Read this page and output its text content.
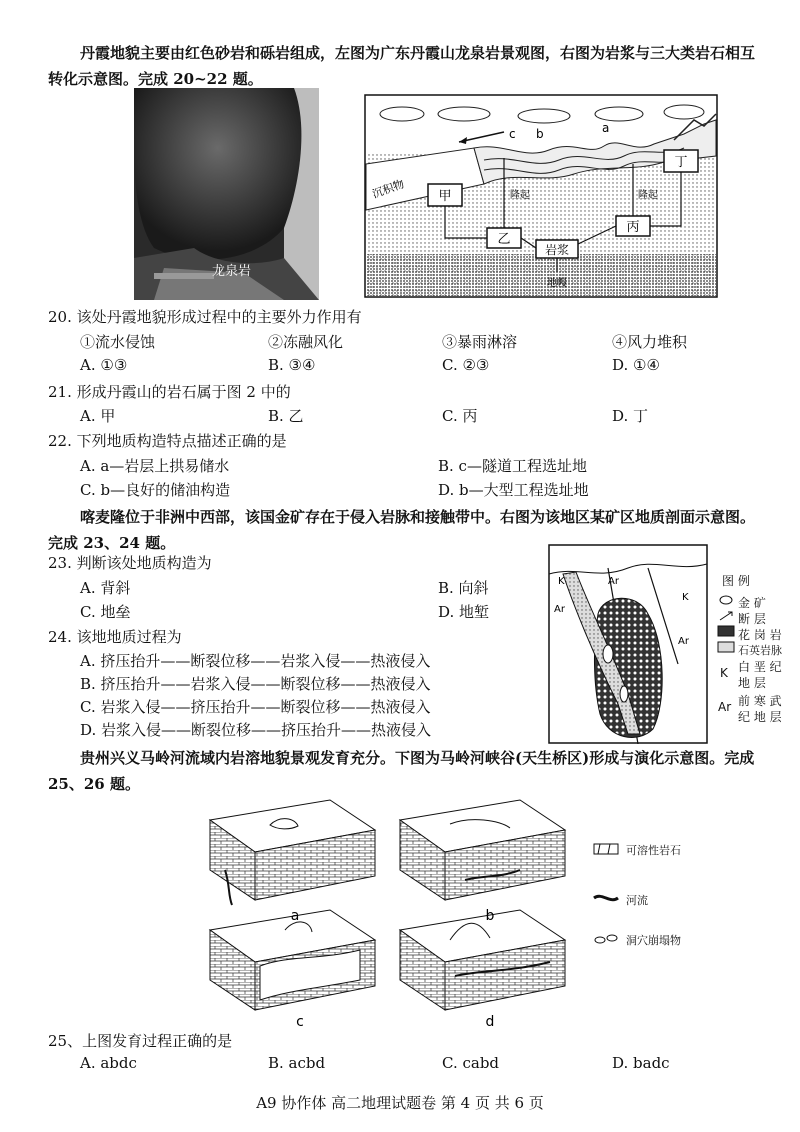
丹霞地貌主要由红色砂岩和砾岩组成，左图为广东丹霞山龙泉岩景观图，右图为岩浆与三大类岩石相互转化示意图。完成 20~22 题。
龙泉岩
c b	a
沉积物 甲
乙
丙
丁
岩浆
隆起	隆起
地幔
20. 该处丹霞地貌形成过程中的主要外力作用有
①流水侵蚀	②冻融风化	③暴雨淋溶	④风力堆积
A. ①③	B. ③④	C. ②③	D. ①④
21. 形成丹霞山的岩石属于图 2 中的
A. 甲	B. 乙	C. 丙	D. 丁
22. 下列地质构造特点描述正确的是
A. a—岩层上拱易储水	B. c—隧道工程选址地
C. b—良好的储油构造	D. b—大型工程选址地
喀麦隆位于非洲中西部，该国金矿存在于侵入岩脉和接触带中。右图为该地区某矿区地质剖面示意图。完成 23、24 题。
23. 判断该处地质构造为
A. 背斜	B. 向斜
C. 地垒	D. 地堑
24. 该地地质过程为
A. 挤压抬升——断裂位移——岩浆入侵——热液侵入
B. 挤压抬升——岩浆入侵——断裂位移——热液侵入
C. 岩浆入侵——挤压抬升——断裂位移——热液侵入
D. 岩浆入侵——断裂位移——挤压抬升——热液侵入
K	Ar
K
Ar
Ar
图 例
金 矿
断 层
花 岗 岩
石英岩脉
K 白 垩 纪
地 层
Ar 前 寒 武
纪 地 层
贵州兴义马岭河流域内岩溶地貌景观发育充分。下图为马岭河峡谷(天生桥区)形成与演化示意图。完成 25、26 题。
a	b
c	d
可溶性岩石
河流
洞穴崩塌物
25、上图发育过程正确的是
A. abdc	B. acbd	C. cabd	D. badc
A9 协作体 高二地理试题卷 第 4 页 共 6 页
